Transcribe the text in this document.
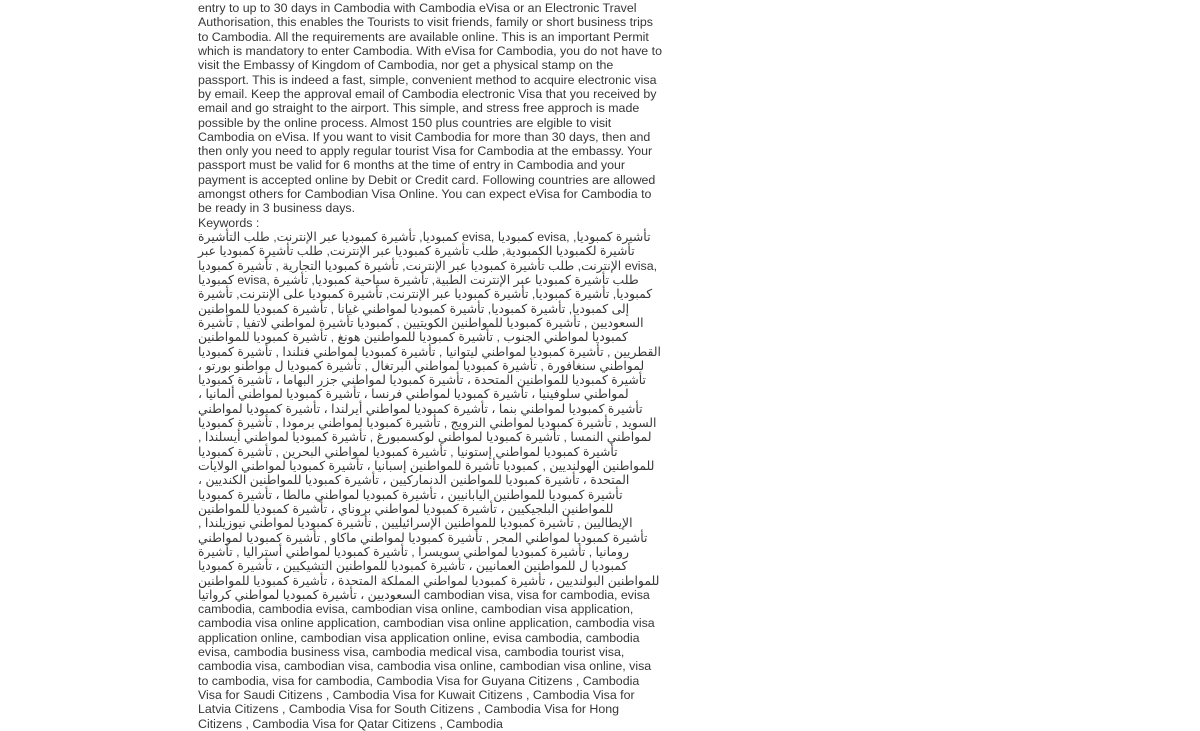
entry to up to 30 days in Cambodia with Cambodia eVisa or an Electronic Travel Authorisation, this enables the Tourists to visit friends, family or short business trips to Cambodia. All the requirements are available online. This is an important Permit which is mandatory to enter Cambodia. With eVisa for Cambodia, you do not have to visit the Embassy of Kingdom of Cambodia, nor get a physical stamp on the passport. This is indeed a fast, simple, convenient method to acquire electronic visa by email. Keep the approval email of Cambodia electronic Visa that you received by email and go straight to the airport. This simple, and stress free approch is made possible by the online process. Almost 150 plus countries are elgible to visit Cambodia on eVisa. If you want to visit Cambodia for more than 30 days, then and then only you need to apply regular tourist Visa for Cambodia at the embassy. Your passport must be valid for 6 months at the time of entry in Cambodia and your payment is accepted online by Debit or Credit card. Following countries are allowed amongst others for Cambodian Visa Online. You can expect eVisa for Cambodia to be ready in 3 business days.

Keywords :

كمبوديا, تأشيرة كمبوديا عبر الإنترنت, طلب التأشيرة evisa, كمبوديا evisa, تأشيرة كمبوديا, تأشيرة لكمبوديا الكمبودية, طلب تأشيرة كمبوديا عبر الإنترنت, طلب تأشيرة كمبوديا عبر الإنترنت, طلب تأشيرة كمبوديا عبر الإنترنت, تأشيرة كمبوديا التجارية , تأشيرة كمبوديا evisa, كمبوديا evisa, طلب تأشيرة كمبوديا عبر الإنترنت الطبية, تأشيرة سياحية كمبوديا, تأشيرة كمبوديا, تأشيرة كمبوديا, تأشيرة كمبوديا عبر الإنترنت, تأشيرة كمبوديا على الإنترنت, تأشيرة إلى كمبوديا, تأشيرة كمبوديا, تأشيرة كمبوديا لمواطني غيانا , تأشيرة كمبوديا للمواطنين السعوديين , تأشيرة كمبوديا للمواطنين الكويتيين , كمبوديا تأشيرة لمواطني لاتفيا , تأشيرة كمبوديا لمواطني الجنوب , تأشيرة كمبوديا للمواطنين هونغ , تأشيرة كمبوديا للمواطنين القطريين , تأشيرة كمبوديا لمواطني ليتوانيا , تأشيرة كمبوديا لمواطني فنلندا , تأشيرة كمبوديا لمواطني سنغافورة , تأشيرة كمبوديا لمواطني البرتغال , تأشيرة كمبوديا ل مواطنو بورتو ، تأشيرة كمبوديا للمواطنين المتحدة ، تأشيرة كمبوديا لمواطني جزر البهاما ، تأشيرة كمبوديا لمواطني سلوفينيا ، تأشيرة كمبوديا لمواطني فرنسا ، تأشيرة كمبوديا لمواطني ألمانيا ، تأشيرة كمبوديا لمواطني بنما ، تأشيرة كمبوديا لمواطني أيرلندا ، تأشيرة كمبوديا لمواطني السويد , تأشيرة كمبوديا لمواطني النرويج , تأشيرة كمبوديا لمواطني برمودا , تأشيرة كمبوديا لمواطني النمسا , تأشيرة كمبوديا لمواطني لوكسمبورغ , تأشيرة كمبوديا لمواطني أيسلندا , تأشيرة كمبوديا لمواطني إستونيا , تأشيرة كمبوديا لمواطني البحرين , تأشيرة كمبوديا للمواطنين الهولنديين , كمبوديا تأشيرة للمواطنين إسبانيا ، تأشيرة كمبوديا لمواطني الولايات المتحدة ، تأشيرة كمبوديا للمواطنين الدنماركيين ، تأشيرة كمبوديا للمواطنين الكنديين ، تأشيرة كمبوديا للمواطنين اليابانيين ، تأشيرة كمبوديا لمواطني مالطا ، تأشيرة كمبوديا للمواطنين البلجيكيين ، تأشيرة كمبوديا لمواطني بروناي ، تأشيرة كمبوديا للمواطنين الإيطاليين , تأشيرة كمبوديا للمواطنين الإسرائيليين , تأشيرة كمبوديا لمواطني نيوزيلندا , تأشيرة كمبوديا لمواطني المجر , تأشيرة كمبوديا لمواطني ماكاو , تأشيرة كمبوديا لمواطني رومانيا , تأشيرة كمبوديا لمواطني سويسرا , تأشيرة كمبوديا لمواطني أستراليا , تأشيرة كمبوديا ل للمواطنين العمانيين ، تأشيرة كمبوديا للمواطنين التشيكيين ، تأشيرة كمبوديا للمواطنين البولنديين ، تأشيرة كمبوديا لمواطني المملكة المتحدة ، تأشيرة كمبوديا للمواطنين السعوديين ، تأشيرة كمبوديا لمواطني كرواتيا cambodian visa, visa for cambodia, evisa cambodia, cambodia evisa, cambodian visa online, cambodian visa application, cambodia visa online application, cambodian visa online application, cambodia visa application online, cambodian visa application online, evisa cambodia, cambodia evisa, cambodia business visa, cambodia medical visa, cambodia tourist visa, cambodia visa, cambodian visa, cambodia visa online, cambodian visa online, visa to cambodia, visa for cambodia, Cambodia Visa for Guyana Citizens , Cambodia Visa for Saudi Citizens , Cambodia Visa for Kuwait Citizens , Cambodia Visa for Latvia Citizens , Cambodia Visa for South Citizens , Cambodia Visa for Hong Citizens , Cambodia Visa for Qatar Citizens , Cambodia
